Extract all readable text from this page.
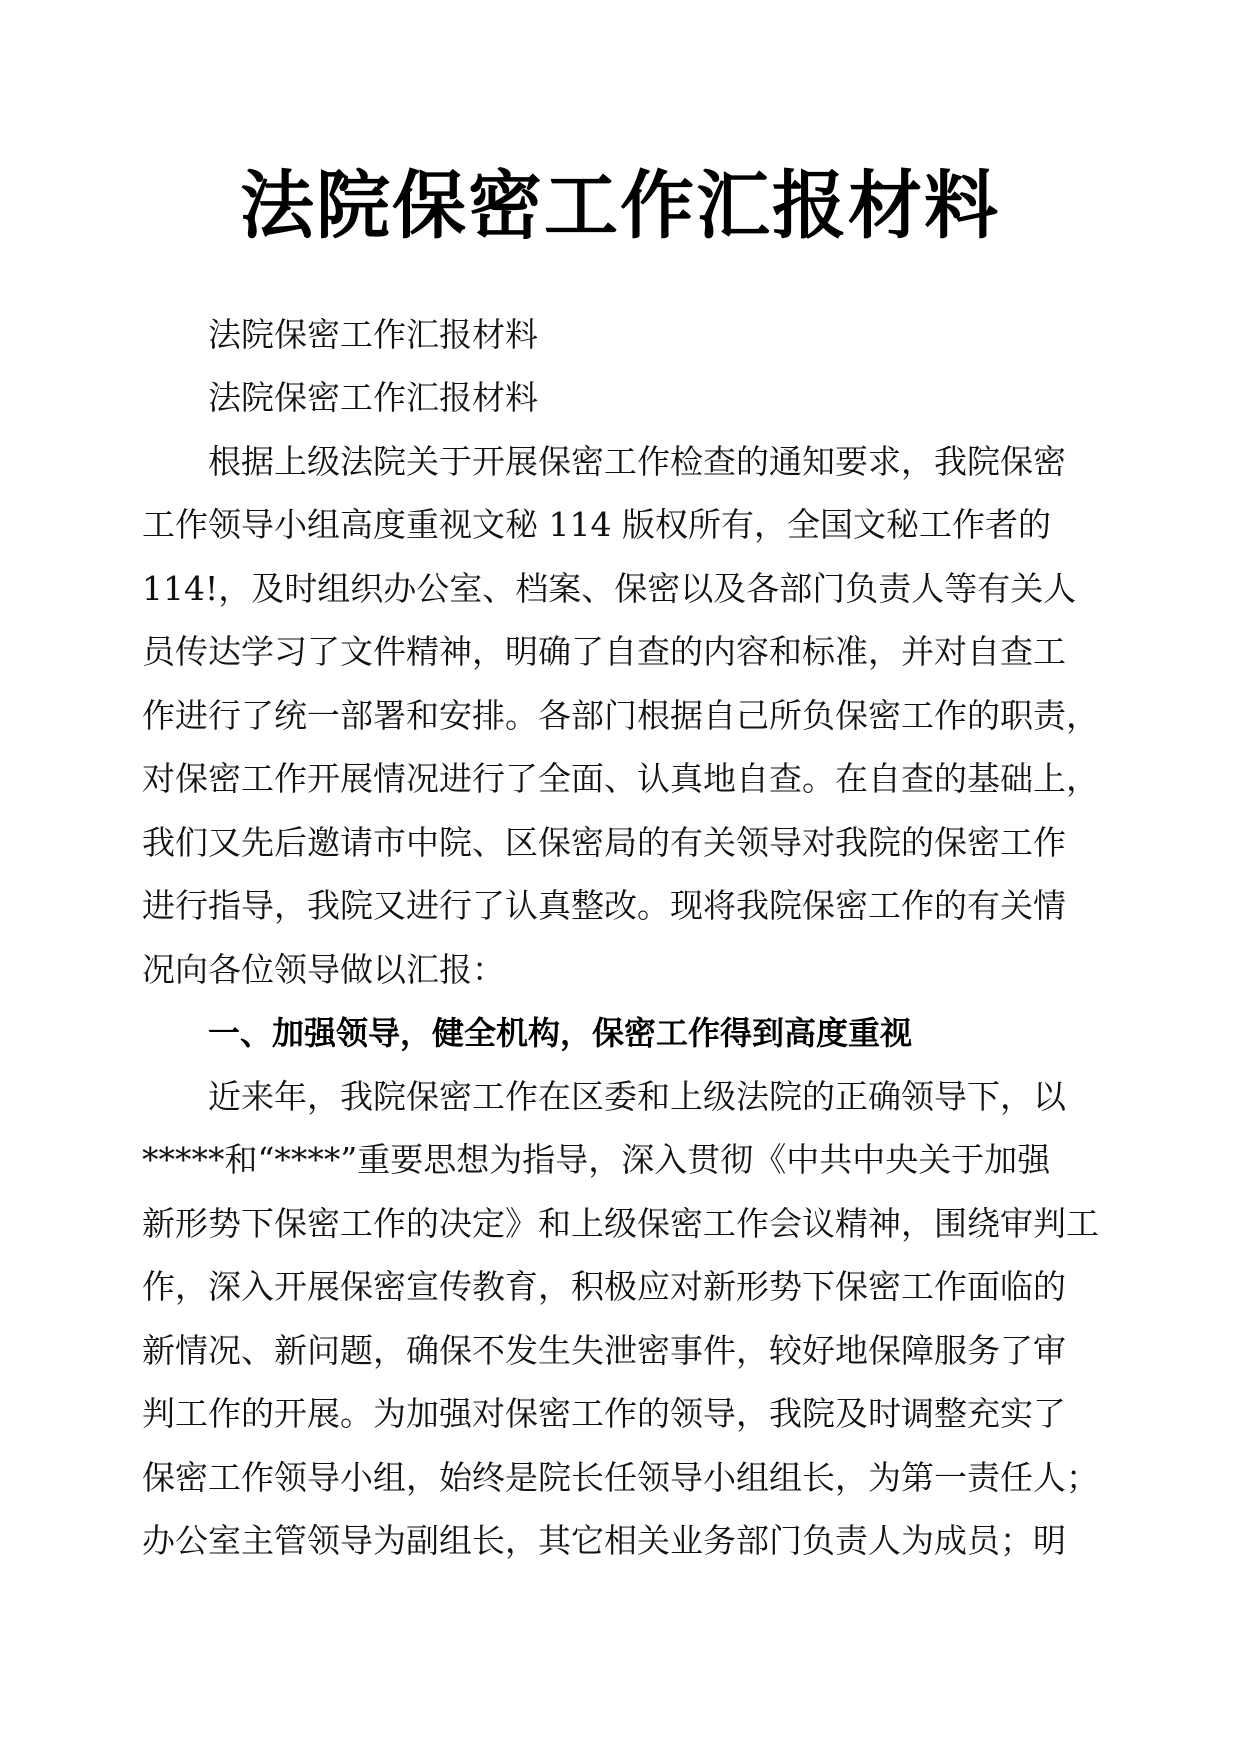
法院保密工作汇报材料
法院保密工作汇报材料
法院保密工作汇报材料
根据上级法院关于开展保密工作检查的通知要求，我院保密
工作领导小组高度重视文秘 114 版权所有，全国文秘工作者的
114!，及时组织办公室、档案、保密以及各部门负责人等有关人
员传达学习了文件精神，明确了自查的内容和标准，并对自查工
作进行了统一部署和安排。各部门根据自己所负保密工作的职责，
对保密工作开展情况进行了全面、认真地自查。在自查的基础上，
我们又先后邀请市中院、区保密局的有关领导对我院的保密工作
进行指导，我院又进行了认真整改。现将我院保密工作的有关情
况向各位领导做以汇报：
一、加强领导，健全机构，保密工作得到高度重视
近来年，我院保密工作在区委和上级法院的正确领导下，以
*****和“****”重要思想为指导，深入贯彻《中共中央关于加强
新形势下保密工作的决定》和上级保密工作会议精神，围绕审判工
作，深入开展保密宣传教育，积极应对新形势下保密工作面临的
新情况、新问题，确保不发生失泄密事件，较好地保障服务了审
判工作的开展。为加强对保密工作的领导，我院及时调整充实了
保密工作领导小组，始终是院长任领导小组组长，为第一责任人；
办公室主管领导为副组长，其它相关业务部门负责人为成员；明
